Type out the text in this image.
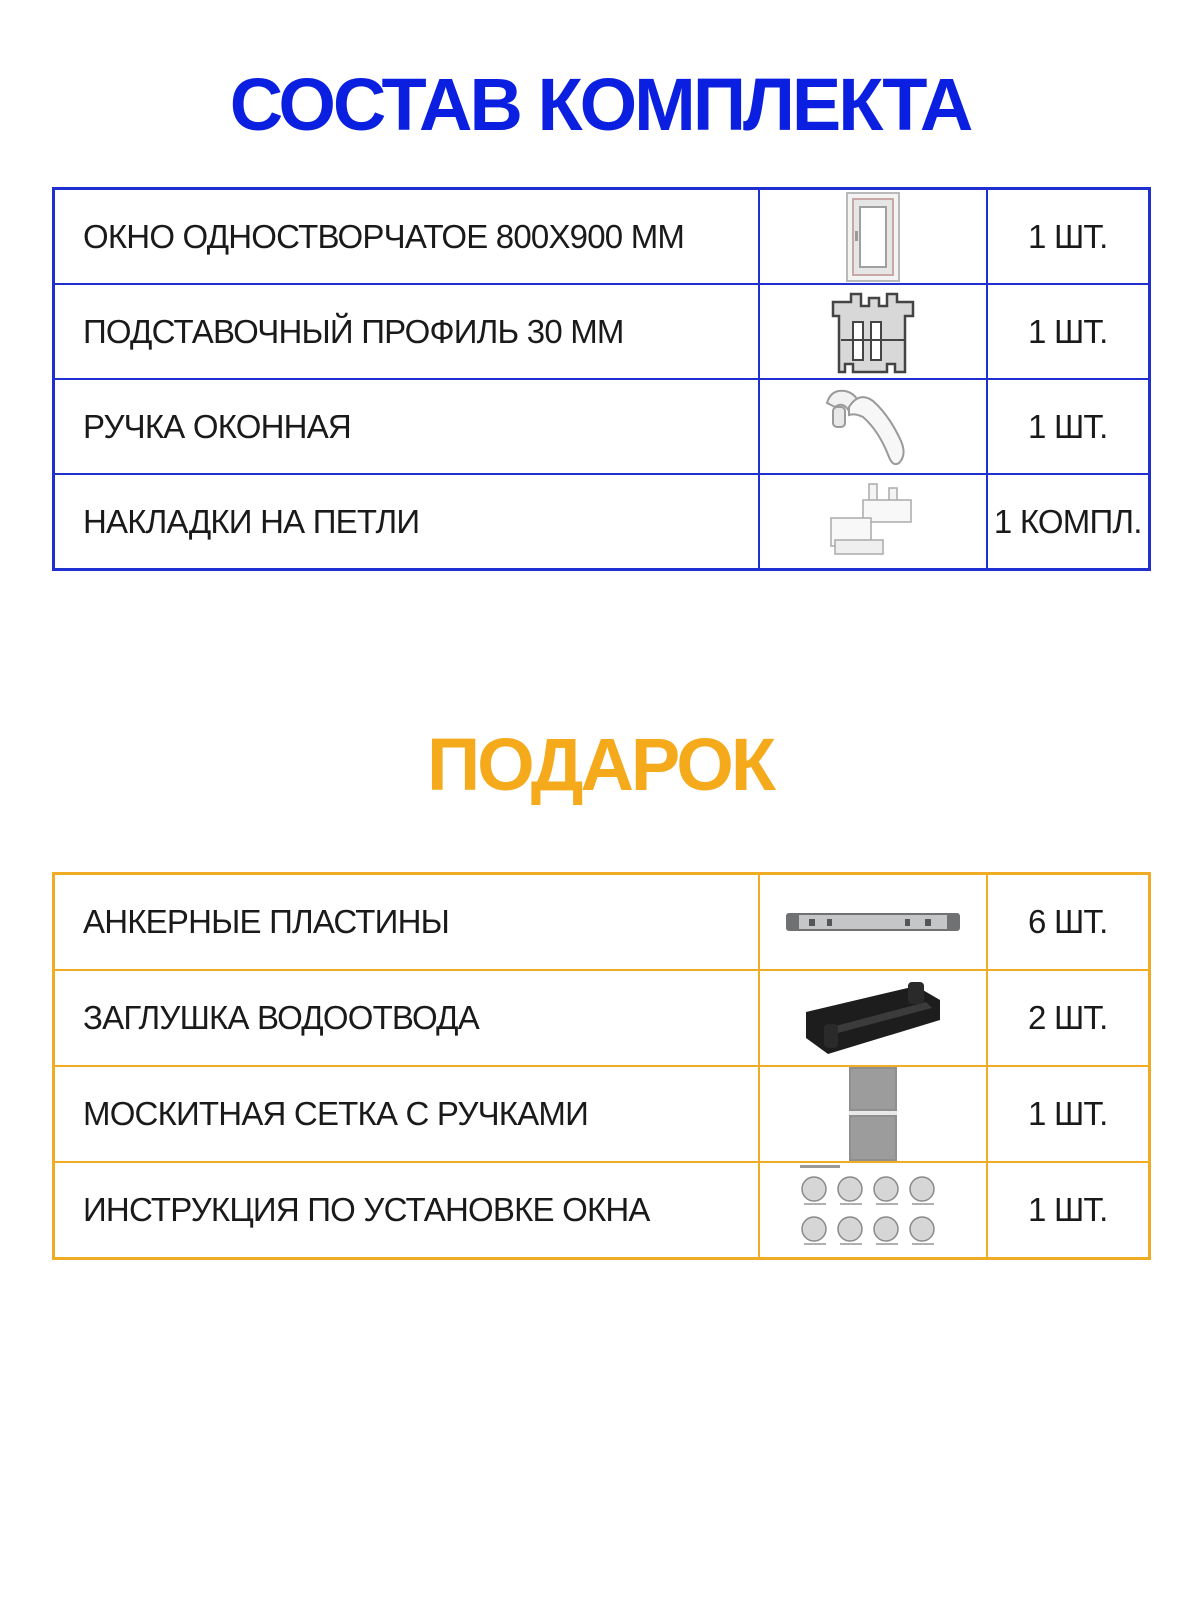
СОСТАВ КОМПЛЕКТА
ОКНО ОДНОСТВОРЧАТОЕ 800Х900 ММ		1 ШТ.
ПОДСТАВОЧНЫЙ ПРОФИЛЬ 30 ММ		1 ШТ.
РУЧКА ОКОННАЯ		1 ШТ.
НАКЛАДКИ НА ПЕТЛИ		1 КОМПЛ.
ПОДАРОК
АНКЕРНЫЕ ПЛАСТИНЫ		6 ШТ.
ЗАГЛУШКА ВОДООТВОДА		2 ШТ.
МОСКИТНАЯ СЕТКА С РУЧКАМИ		1 ШТ.
ИНСТРУКЦИЯ ПО УСТАНОВКЕ ОКНА		1 ШТ.
